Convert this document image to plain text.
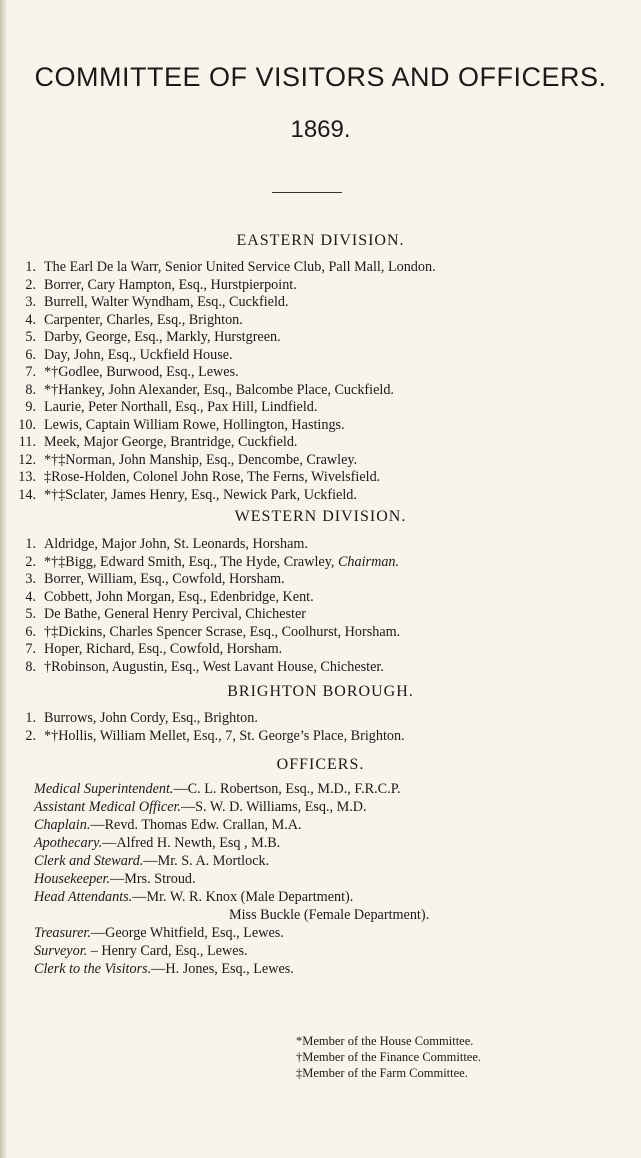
COMMITTEE OF VISITORS AND OFFICERS.
1869.
EASTERN DIVISION.
1. The Earl De la Warr, Senior United Service Club, Pall Mall, London.
2. Borrer, Cary Hampton, Esq., Hurstpierpoint.
3. Burrell, Walter Wyndham, Esq., Cuckfield.
4. Carpenter, Charles, Esq., Brighton.
5. Darby, George, Esq., Markly, Hurstgreen.
6. Day, John, Esq., Uckfield House.
7. *†Godlee, Burwood, Esq., Lewes.
8. *†Hankey, John Alexander, Esq., Balcombe Place, Cuckfield.
9. Laurie, Peter Northall, Esq., Pax Hill, Lindfield.
10. Lewis, Captain William Rowe, Hollington, Hastings.
11. Meek, Major George, Brantridge, Cuckfield.
12. *†‡Norman, John Manship, Esq., Dencombe, Crawley.
13. ‡Rose-Holden, Colonel John Rose, The Ferns, Wivelsfield.
14. *†‡Sclater, James Henry, Esq., Newick Park, Uckfield.
WESTERN DIVISION.
1. Aldridge, Major John, St. Leonards, Horsham.
2. *†‡Bigg, Edward Smith, Esq., The Hyde, Crawley, Chairman.
3. Borrer, William, Esq., Cowfold, Horsham.
4. Cobbett, John Morgan, Esq., Edenbridge, Kent.
5. De Bathe, General Henry Percival, Chichester
6. †‡Dickins, Charles Spencer Scrase, Esq., Coolhurst, Horsham.
7. Hoper, Richard, Esq., Cowfold, Horsham.
8. †Robinson, Augustin, Esq., West Lavant House, Chichester.
BRIGHTON BOROUGH.
1. Burrows, John Cordy, Esq., Brighton.
2. *†Hollis, William Mellet, Esq., 7, St. George’s Place, Brighton.
OFFICERS.
Medical Superintendent.—C. L. Robertson, Esq., M.D., F.R.C.P.
Assistant Medical Officer.—S. W. D. Williams, Esq., M.D.
Chaplain.—Revd. Thomas Edw. Crallan, M.A.
Apothecary.—Alfred H. Newth, Esq , M.B.
Clerk and Steward.—Mr. S. A. Mortlock.
Housekeeper.—Mrs. Stroud.
Head Attendants.—Mr. W. R. Knox (Male Department).
Miss Buckle (Female Department).
Treasurer.—George Whitfield, Esq., Lewes.
Surveyor. – Henry Card, Esq., Lewes.
Clerk to the Visitors.—H. Jones, Esq., Lewes.
*Member of the House Committee.
†Member of the Finance Committee.
‡Member of the Farm Committee.
